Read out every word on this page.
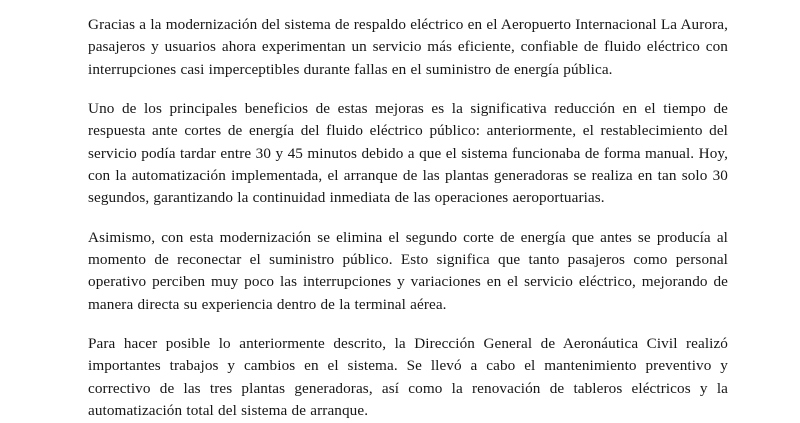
Gracias a la modernización del sistema de respaldo eléctrico en el Aeropuerto Internacional La Aurora, pasajeros y usuarios ahora experimentan un servicio más eficiente, confiable de fluido eléctrico con interrupciones casi imperceptibles durante fallas en el suministro de energía pública.

Uno de los principales beneficios de estas mejoras es la significativa reducción en el tiempo de respuesta ante cortes de energía del fluido eléctrico público: anteriormente, el restablecimiento del servicio podía tardar entre 30 y 45 minutos debido a que el sistema funcionaba de forma manual. Hoy, con la automatización implementada, el arranque de las plantas generadoras se realiza en tan solo 30 segundos, garantizando la continuidad inmediata de las operaciones aeroportuarias.

Asimismo, con esta modernización se elimina el segundo corte de energía que antes se producía al momento de reconectar el suministro público. Esto significa que tanto pasajeros como personal operativo perciben muy poco las interrupciones y variaciones en el servicio eléctrico, mejorando de manera directa su experiencia dentro de la terminal aérea.

Para hacer posible lo anteriormente descrito, la Dirección General de Aeronáutica Civil realizó importantes trabajos y cambios en el sistema. Se llevó a cabo el mantenimiento preventivo y correctivo de las tres plantas generadoras, así como la renovación de tableros eléctricos y la automatización total del sistema de arranque.
